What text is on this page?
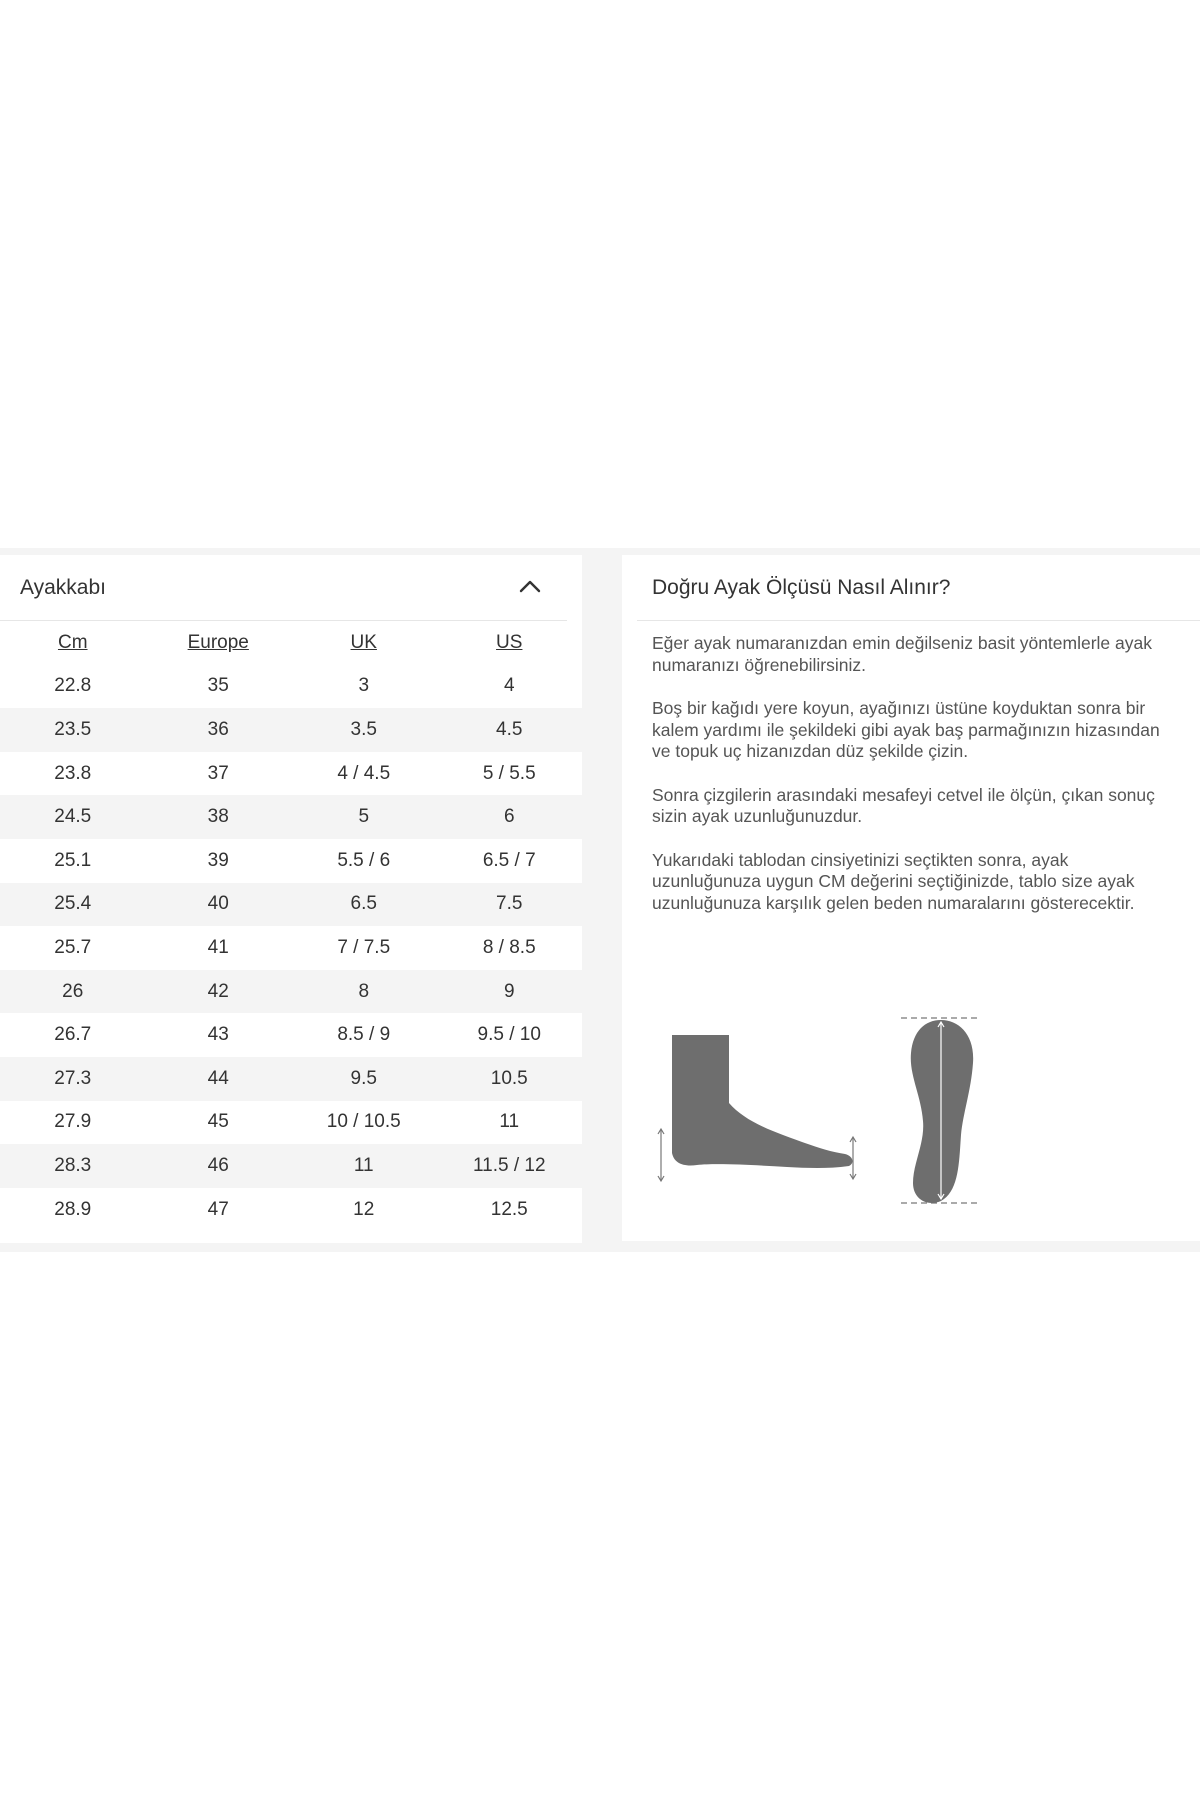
Ayakkabı
Cm	Europe	UK	US
22.8	35	3	4
23.5	36	3.5	4.5
23.8	37	4 / 4.5	5 / 5.5
24.5	38	5	6
25.1	39	5.5 / 6	6.5 / 7
25.4	40	6.5	7.5
25.7	41	7 / 7.5	8 / 8.5
26	42	8	9
26.7	43	8.5 / 9	9.5 / 10
27.3	44	9.5	10.5
27.9	45	10 / 10.5	11
28.3	46	11	11.5 / 12
28.9	47	12	12.5
Doğru Ayak Ölçüsü Nasıl Alınır?

Eğer ayak numaranızdan emin değilseniz basit yöntemlerle ayak numaranızı öğrenebilirsiniz.

Boş bir kağıdı yere koyun, ayağınızı üstüne koyduktan sonra bir kalem yardımı ile şekildeki gibi ayak baş parmağınızın hizasından ve topuk uç hizanızdan düz şekilde çizin.

Sonra çizgilerin arasındaki mesafeyi cetvel ile ölçün, çıkan sonuç sizin ayak uzunluğunuzdur.

Yukarıdaki tablodan cinsiyetinizi seçtikten sonra, ayak uzunluğunuza uygun CM değerini seçtiğinizde, tablo size ayak uzunluğunuza karşılık gelen beden numaralarını gösterecektir.
